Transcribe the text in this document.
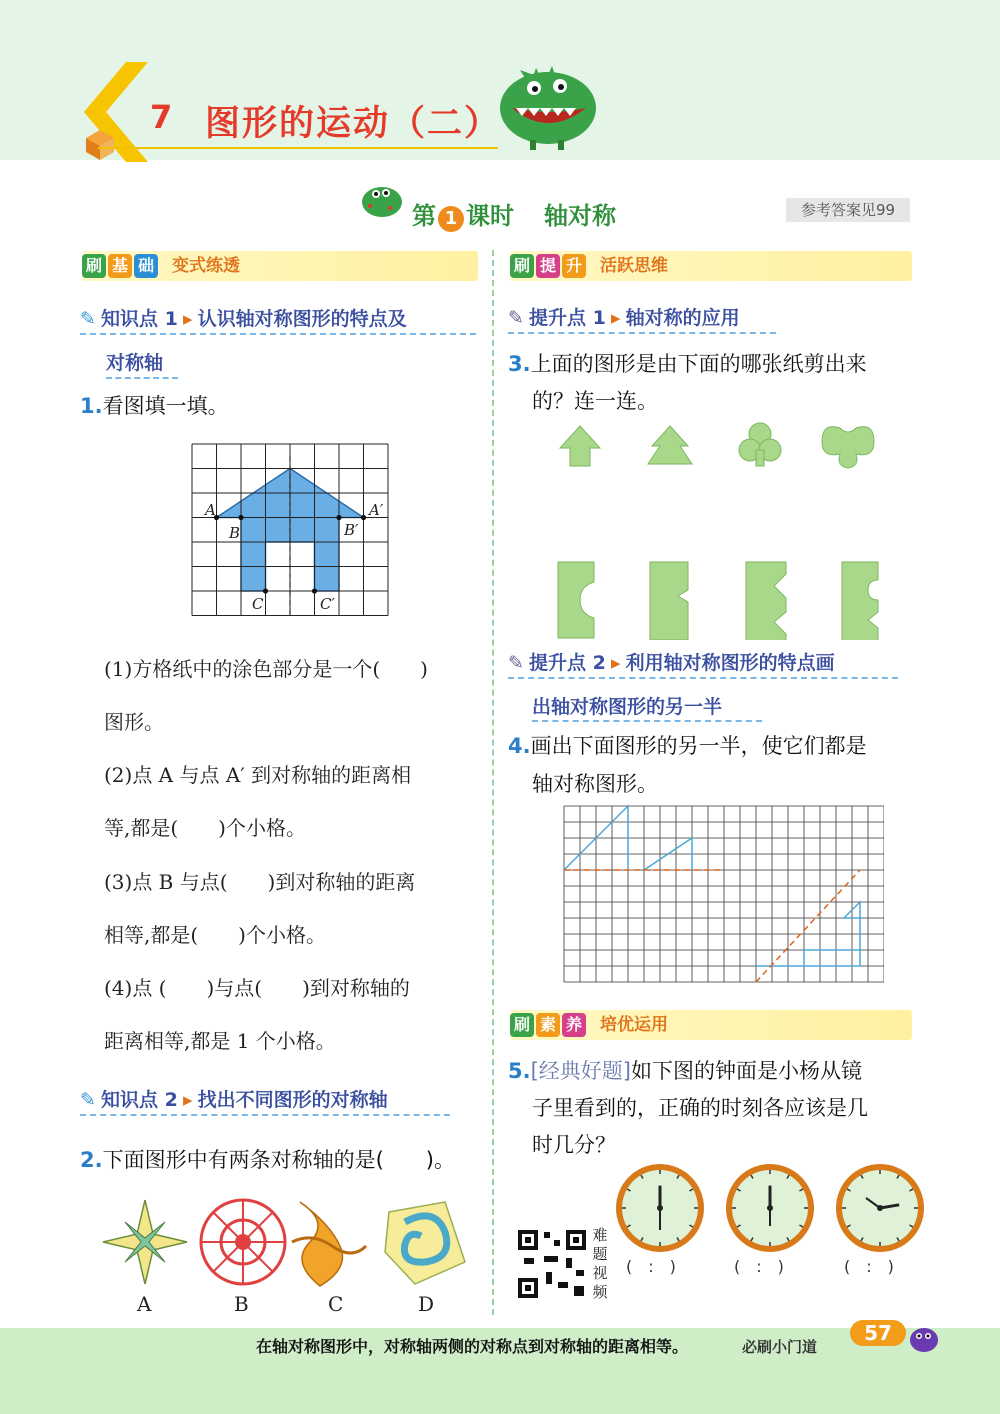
7 图形的运动（二）
第 1 课时 轴对称	参考答案见99
刷 基 础 变式练透
✎ 知识点 1 ▸ 认识轴对称图形的特点及
对称轴
1.看图填一填。
A
B	B′
A′
C	C′
(1)方格纸中的涂色部分是一个(　　)
图形。
(2)点 A 与点 A′ 到对称轴的距离相
等,都是(　　)个小格。
(3)点 B 与点(　　)到对称轴的距离
相等,都是(　　)个小格。
(4)点 (　　)与点(　　)到对称轴的
距离相等,都是 1 个小格。
✎ 知识点 2 ▸ 找出不同图形的对称轴
2.下面图形中有两条对称轴的是(　　)。
A	B	C	D
刷 提 升 活跃思维
✎ 提升点 1 ▸ 轴对称的应用
3.上面的图形是由下面的哪张纸剪出来
的？连一连。
✎ 提升点 2 ▸ 利用轴对称图形的特点画
出轴对称图形的另一半
4.画出下面图形的另一半，使它们都是
轴对称图形。
刷 素 养 培优运用
5.[经典好题]如下图的钟面是小杨从镜
子里看到的，正确的时刻各应该是几
时几分？
难题视频
(　:　)	(　:　)	(　:　)
在轴对称图形中，对称轴两侧的对称点到对称轴的距离相等。	必刷小门道
57
